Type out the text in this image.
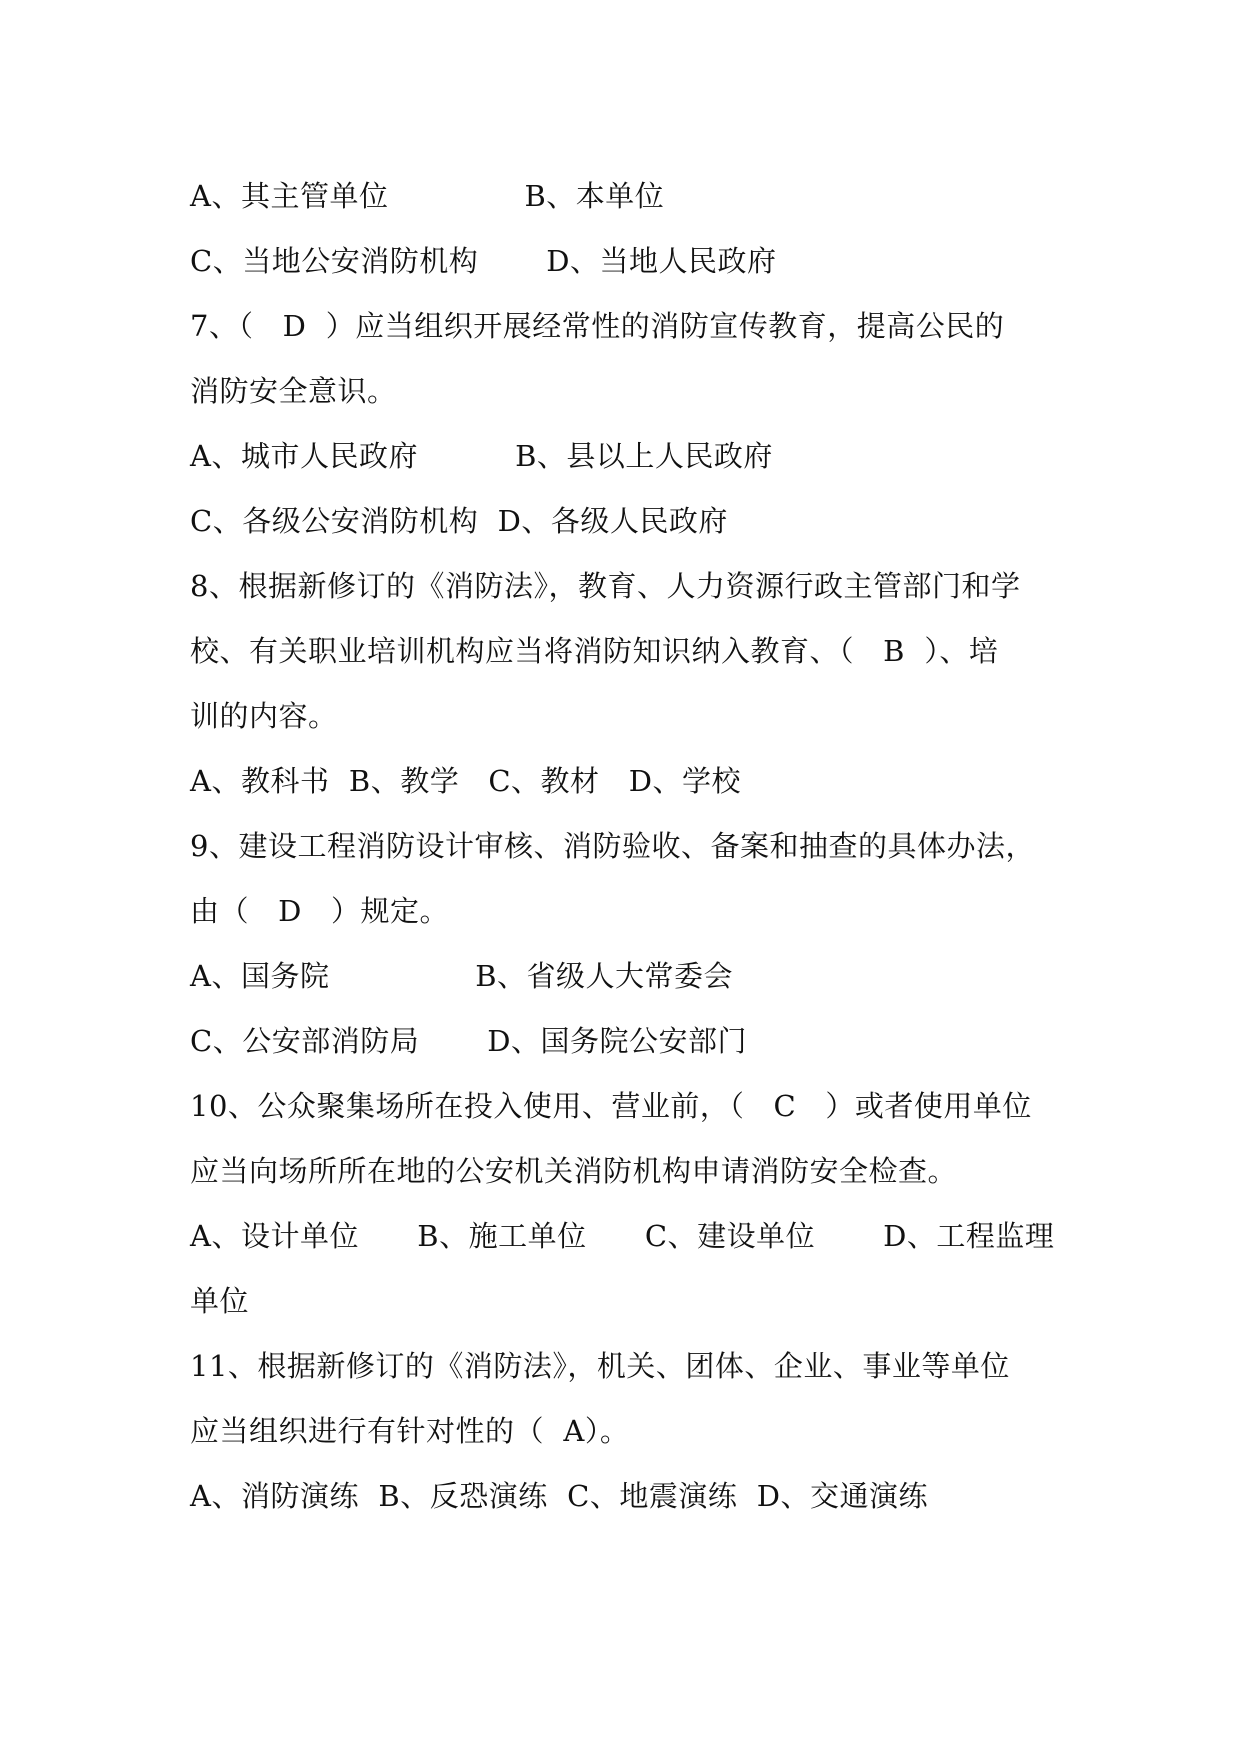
A、其主管单位              B、本单位
C、当地公安消防机构       D、当地人民政府
7、（   D  ）应当组织开展经常性的消防宣传教育，提高公民的
消防安全意识。
A、城市人民政府          B、县以上人民政府
C、各级公安消防机构  D、各级人民政府
8、根据新修订的《消防法》，教育、人力资源行政主管部门和学
校、有关职业培训机构应当将消防知识纳入教育、（   B  ）、培
训的内容。
A、教科书  B、教学   C、教材   D、学校
9、建设工程消防设计审核、消防验收、备案和抽查的具体办法，
由（   D   ）规定。
A、国务院               B、省级人大常委会
C、公安部消防局       D、国务院公安部门
10、公众聚集场所在投入使用、营业前，（   C   ）或者使用单位
应当向场所所在地的公安机关消防机构申请消防安全检查。
A、设计单位      B、施工单位      C、建设单位       D、工程监理
单位
11、根据新修订的《消防法》，机关、团体、企业、事业等单位
应当组织进行有针对性的（  A）。
A、消防演练  B、反恐演练  C、地震演练  D、交通演练
